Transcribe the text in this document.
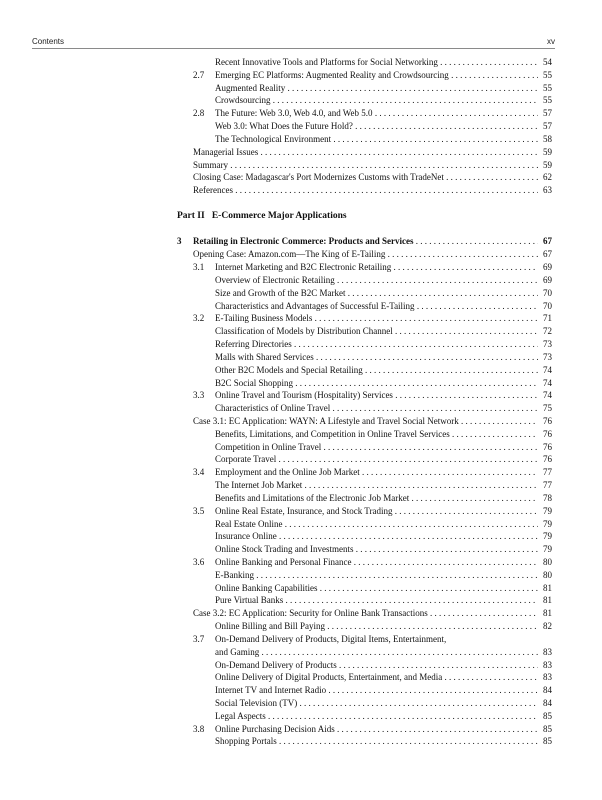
Contents	xv
Recent Innovative Tools and Platforms for Social Networking . . .	54
2.7 Emerging EC Platforms: Augmented Reality and Crowdsourcing . . .	55
Augmented Reality . . .	55
Crowdsourcing . . .	55
2.8 The Future: Web 3.0, Web 4.0, and Web 5.0 . . .	57
Web 3.0: What Does the Future Hold? . . .	57
The Technological Environment . . .	58
Managerial Issues . . .	59
Summary . . .	59
Closing Case: Madagascar's Port Modernizes Customs with TradeNet . . .	62
References . . .	63
Part II   E-Commerce Major Applications
3 Retailing in Electronic Commerce: Products and Services . . .	67
Opening Case: Amazon.com—The King of E-Tailing . . .	67
3.1 Internet Marketing and B2C Electronic Retailing . . .	69
Overview of Electronic Retailing . . .	69
Size and Growth of the B2C Market . . .	70
Characteristics and Advantages of Successful E-Tailing . . .	70
3.2 E-Tailing Business Models . . .	71
Classification of Models by Distribution Channel . . .	72
Referring Directories . . .	73
Malls with Shared Services . . .	73
Other B2C Models and Special Retailing . . .	74
B2C Social Shopping . . .	74
3.3 Online Travel and Tourism (Hospitality) Services . . .	74
Characteristics of Online Travel . . .	75
Case 3.1: EC Application: WAYN: A Lifestyle and Travel Social Network . . .	76
Benefits, Limitations, and Competition in Online Travel Services . . .	76
Competition in Online Travel . . .	76
Corporate Travel . . .	76
3.4 Employment and the Online Job Market . . .	77
The Internet Job Market . . .	77
Benefits and Limitations of the Electronic Job Market . . .	78
3.5 Online Real Estate, Insurance, and Stock Trading . . .	79
Real Estate Online . . .	79
Insurance Online . . .	79
Online Stock Trading and Investments . . .	79
3.6 Online Banking and Personal Finance . . .	80
E-Banking . . .	80
Online Banking Capabilities . . .	81
Pure Virtual Banks . . .	81
Case 3.2: EC Application: Security for Online Bank Transactions . . .	81
Online Billing and Bill Paying . . .	82
3.7 On-Demand Delivery of Products, Digital Items, Entertainment,
and Gaming . . .	83
On-Demand Delivery of Products . . .	83
Online Delivery of Digital Products, Entertainment, and Media . . .	83
Internet TV and Internet Radio . . .	84
Social Television (TV) . . .	84
Legal Aspects . . .	85
3.8 Online Purchasing Decision Aids . . .	85
Shopping Portals . . .	85
